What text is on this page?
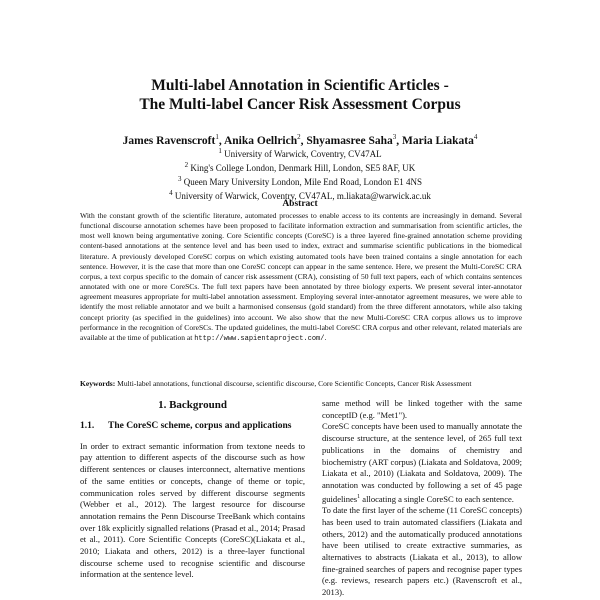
Multi-label Annotation in Scientific Articles -
The Multi-label Cancer Risk Assessment Corpus
James Ravenscroft$^1$, Anika Oellrich$^2$, Shyamasree Saha$^3$, Maria Liakata$^4$
$^1$ University of Warwick, Coventry, CV47AL
$^2$ King's College London, Denmark Hill, London, SE5 8AF, UK
$^3$ Queen Mary University London, Mile End Road, London E1 4NS
$^4$ University of Warwick, Coventry, CV47AL, m.liakata@warwick.ac.uk
Abstract
With the constant growth of the scientific literature, automated processes to enable access to its contents are increasingly in demand. Several functional discourse annotation schemes have been proposed to facilitate information extraction and summarisation from scientific articles, the most well known being argumentative zoning. Core Scientific concepts (CoreSC) is a three layered fine-grained annotation scheme providing content-based annotations at the sentence level and has been used to index, extract and summarise scientific publications in the biomedical literature. A previously developed CoreSC corpus on which existing automated tools have been trained contains a single annotation for each sentence. However, it is the case that more than one CoreSC concept can appear in the same sentence. Here, we present the Multi-CoreSC CRA corpus, a text corpus specific to the domain of cancer risk assessment (CRA), consisting of 50 full text papers, each of which contains sentences annotated with one or more CoreSCs. The full text papers have been annotated by three biology experts. We present several inter-annotator agreement measures appropriate for multi-label annotation assessment. Employing several inter-annotator agreement measures, we were able to identify the most reliable annotator and we built a harmonised consensus (gold standard) from the three different annotators, while also taking concept priority (as specified in the guidelines) into account. We also show that the new Multi-CoreSC CRA corpus allows us to improve performance in the recognition of CoreSCs. The updated guidelines, the multi-label CoreSC CRA corpus and other relevant, related materials are available at the time of publication at http://www.sapientaproject.com/.
Keywords: Multi-label annotations, functional discourse, scientific discourse, Core Scientific Concepts, Cancer Risk Assessment
1. Background
1.1.	The CoreSC scheme, corpus and applications

In order to extract semantic information from textone needs to pay attention to different aspects of the discourse such as how different sentences or clauses interconnect, alternative mentions of the same entities or concepts, change of theme or topic, communication roles served by different discourse segments (Webber et al., 2012). The largest resource for discourse annotation remains the Penn Discourse TreeBank which contains over 18k explicitly signalled relations (Prasad et al., 2014; Prasad et al., 2011). Core Scientific Concepts (CoreSC)(Liakata et al., 2010; Liakata and others, 2012) is a three-layer functional discourse scheme used to recognise scientific and discourse information at the sentence level.

same method will be linked together with the same conceptID (e.g. "Met1").

CoreSC concepts have been used to manually annotate the discourse structure, at the sentence level, of 265 full text publications in the domains of chemistry and biochemistry (ART corpus) (Liakata and Soldatova, 2009; Liakata et al., 2010) (Liakata and Soldatova, 2009). The annotation was conducted by following a set of 45 page guidelines$^1$ allocating a single CoreSC to each sentence.

To date the first layer of the scheme (11 CoreSC concepts) has been used to train automated classifiers (Liakata and others, 2012) and the automatically produced annotations have been utilised to create extractive summaries, as alternatives to abstracts (Liakata et al., 2013), to allow fine-grained searches of papers and recognise paper types (e.g. reviews, research papers etc.) (Ravenscroft et al., 2013).
